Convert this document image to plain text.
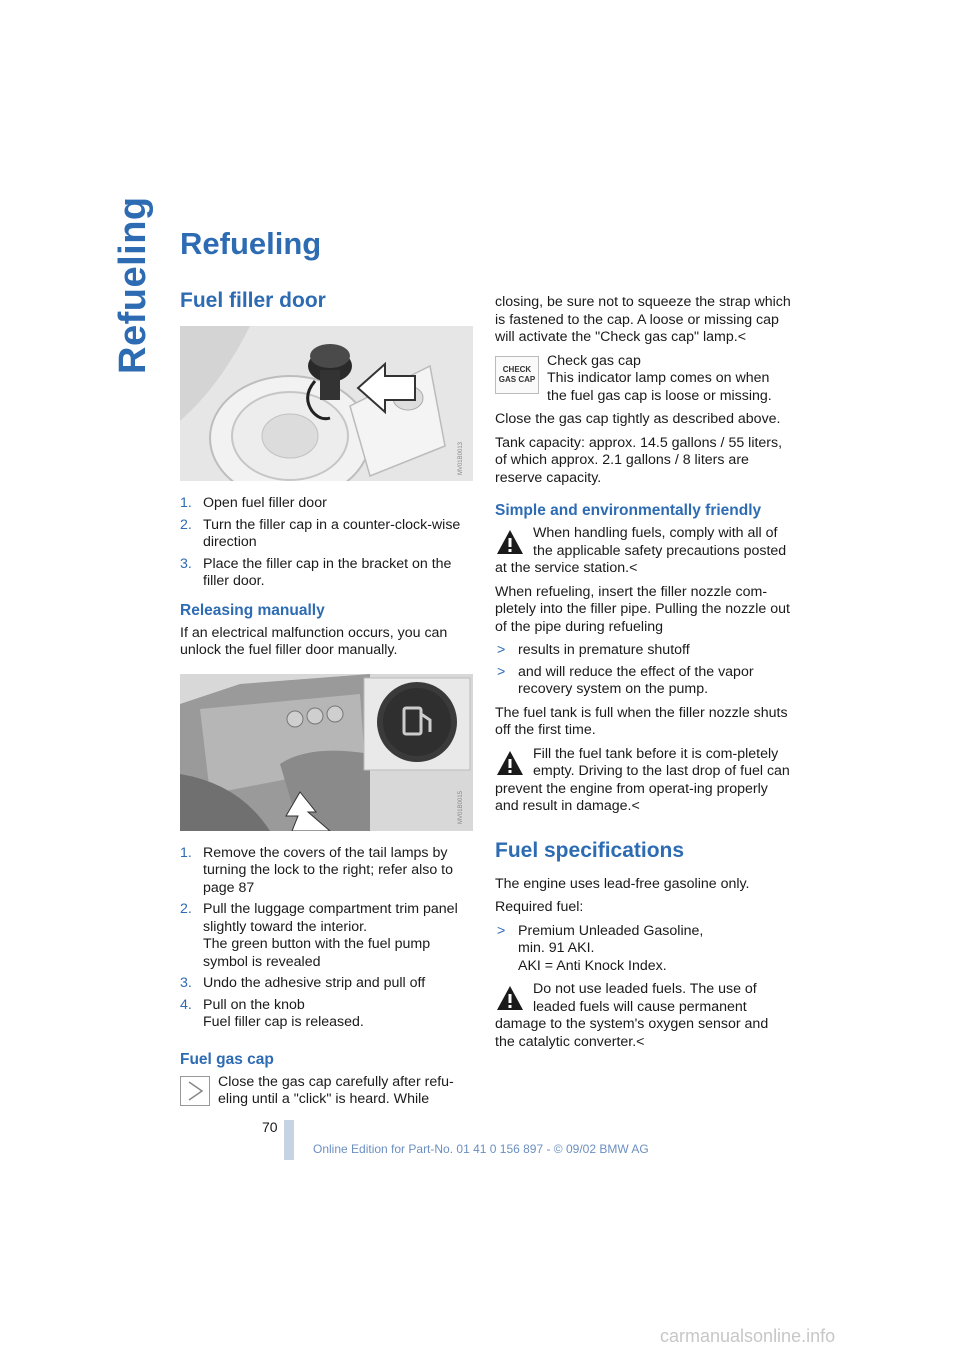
Refueling Refueling
Fuel filler door
MV01B0013
1. Open fuel filler door
2. Turn the filler cap in a counter-clock-wise direction
3. Place the filler cap in the bracket on the filler door.
Releasing manually

If an electrical malfunction occurs, you can unlock the fuel filler door manually.

MV01B0015
1. Remove the covers of the tail lamps by turning the lock to the right; refer also to page 87
2. Pull the luggage compartment trim panel slightly toward the interior.
The green button with the fuel pump symbol is revealed
3. Undo the adhesive strip and pull off
4. Pull on the knob
Fuel filler cap is released.
Fuel gas cap
Close the gas cap carefully after refu-eling until a "click" is heard. While

closing, be sure not to squeeze the strap which is fastened to the cap. A loose or missing cap will activate the "Check gas cap" lamp.<

CHECK
GAS CAP
Check gas cap
This indicator lamp comes on when the fuel gas cap is loose or missing.

Close the gas cap tightly as described above.

Tank capacity: approx. 14.5 gallons / 55 liters, of which approx. 2.1 gallons / 8 liters are reserve capacity.

Simple and environmentally friendly
When handling fuels, comply with all of the applicable safety precautions posted at the service station.<

When refueling, insert the filler nozzle com-pletely into the filler pipe. Pulling the nozzle out of the pipe during refueling

> results in premature shutoff
> and will reduce the effect of the vapor recovery system on the pump.

The fuel tank is full when the filler nozzle shuts off the first time.

Fill the fuel tank before it is com-pletely empty. Driving to the last drop of fuel can prevent the engine from operat-ing properly and result in damage.<
Fuel specifications

The engine uses lead-free gasoline only.

Required fuel:

> Premium Unleaded Gasoline,
min. 91 AKI.
AKI = Anti Knock Index.
Do not use leaded fuels. The use of leaded fuels will cause permanent damage to the system's oxygen sensor and the catalytic converter.<
70
Online Edition for Part-No. 01 41 0 156 897 - © 09/02 BMW AG
carmanualsonline.info
